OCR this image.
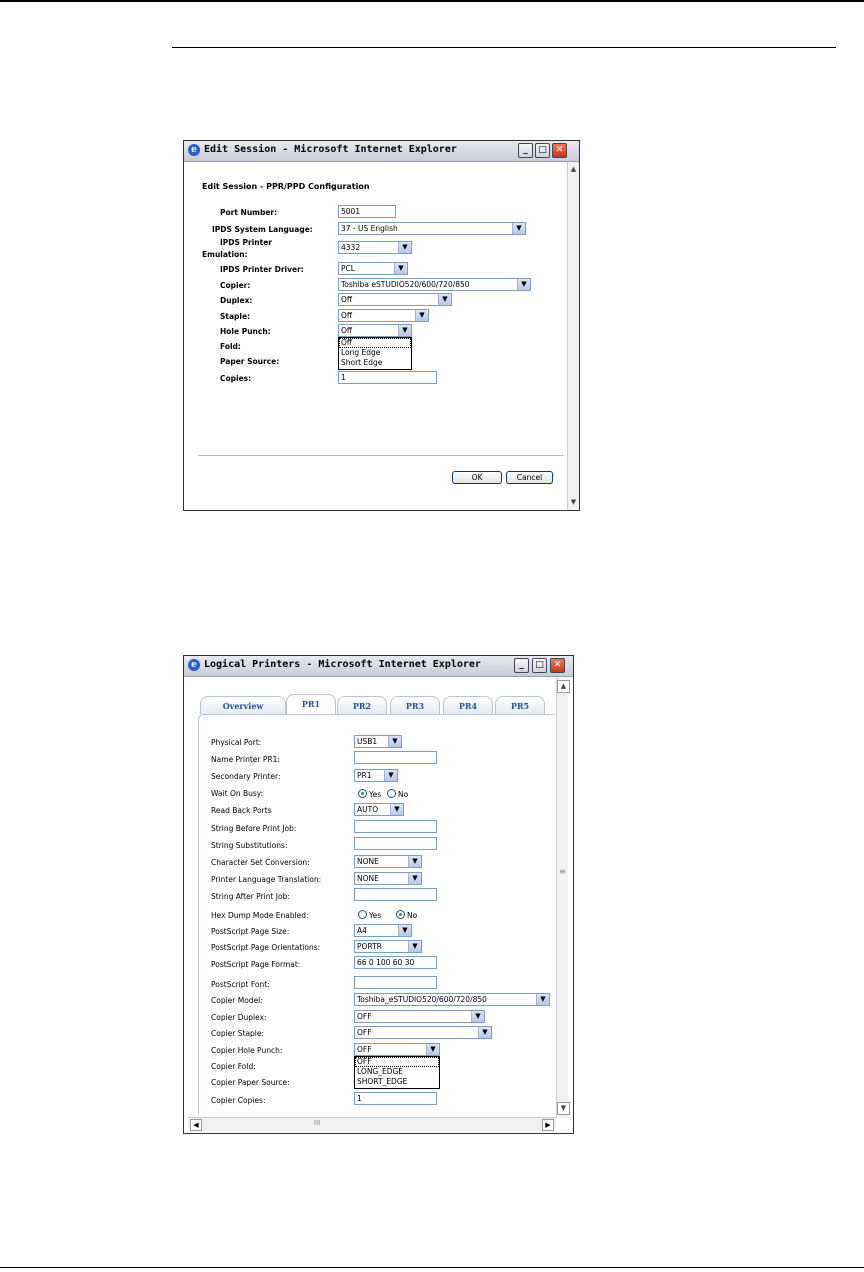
e Edit Session - Microsoft Internet Explorer	_	□ ✕
▲
▼
Edit Session - PPR/PPD Configuration
Port Number:	5001
IPDS System Language:	37 - US English	▼
IPDS Printer
Emulation:
4332	▼
IPDS Printer Driver:	PCL	▼
Copier:	Toshiba eSTUDIO520/600/720/850	▼
Duplex:	Off	▼
Staple:	Off	▼
Hole Punch:	Off	▼
Off
Long Edge
Short Edge
Fold:
Paper Source:
Copies:	1
OK	Cancel
e Logical Printers - Microsoft Internet Explorer	_	□	✕
▲
≡
▼
◀	III	▶
Overview	PR1	PR2	PR3	PR4	PR5
Physical Port:	USB1	▼
Name Printer PR1:
Secondary Printer:	PR1	▼
Wait On Busy:	Yes No
Read Back Ports	AUTO	▼
String Before Print Job:
String Substitutions:
Character Set Conversion:	NONE	▼
Printer Language Translation:	NONE	▼
String After Print Job:
Hex Dump Mode Enabled:	Yes	No
PostScript Page Size:	A4	▼
PostScript Page Orientations:	PORTR	▼
PostScript Page Format:	66 0 100 60 30
PostScript Font:
Copier Model:	Toshiba_eSTUDIO520/600/720/850	▼
Copier Duplex:	OFF	▼
Copier Staple:	OFF	▼
Copier Hole Punch:	OFF	▼
OFF
LONG_EDGE
SHORT_EDGE
Copier Fold:
Copier Paper Source:
Copier Copies:	1
